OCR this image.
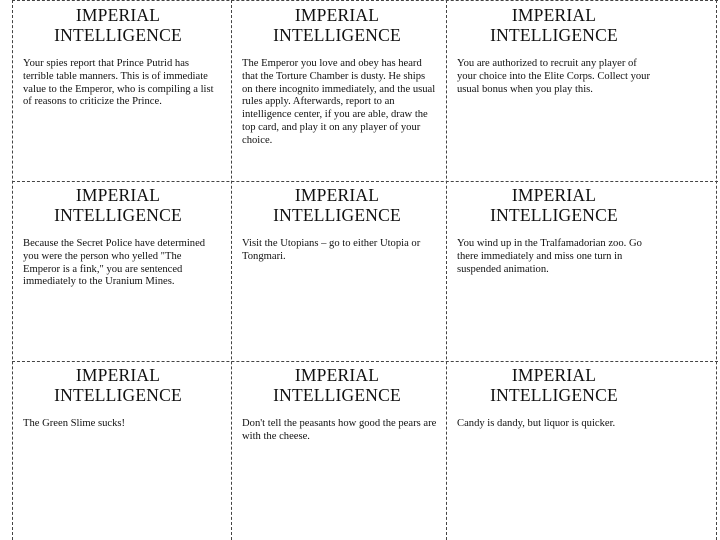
IMPERIAL
INTELLIGENCE
Your spies report that Prince Putrid has terrible table manners. This is of immediate value to the Emperor, who is compiling a list of reasons to criticize the Prince.
IMPERIAL
INTELLIGENCE
The Emperor you love and obey has heard that the Torture Chamber is dusty. He ships on there incognito immediately, and the usual rules apply. Afterwards, report to an intelligence center, if you are able, draw the top card, and play it on any player of your choice.
IMPERIAL
INTELLIGENCE
You are authorized to recruit any player of your choice into the Elite Corps. Collect your usual bonus when you play this.
IMPERIAL
INTELLIGENCE
Because the Secret Police have determined you were the person who yelled "The Emperor is a fink," you are sentenced immediately to the Uranium Mines.
IMPERIAL
INTELLIGENCE
Visit the Utopians – go to either Utopia or Tongmari.
IMPERIAL
INTELLIGENCE
You wind up in the Tralfamadorian zoo. Go there immediately and miss one turn in suspended animation.
IMPERIAL
INTELLIGENCE
The Green Slime sucks!
IMPERIAL
INTELLIGENCE
Don't tell the peasants how good the pears are with the cheese.
IMPERIAL
INTELLIGENCE
Candy is dandy, but liquor is quicker.
